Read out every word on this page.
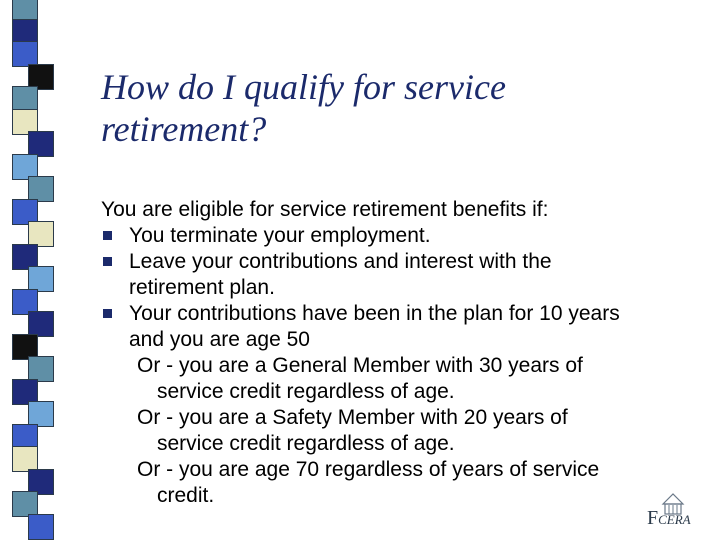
How do I qualify for service
retirement?
You are eligible for service retirement benefits if:
You terminate your employment.
Leave your contributions and interest with the
retirement plan.
Your contributions have been in the plan for 10 years
and you are age 50
Or - you are a General Member with 30 years of
service credit regardless of age.
Or - you are a Safety Member with 20 years of
service credit regardless of age.
Or - you are age 70 regardless of years of service
credit.
FCERA
